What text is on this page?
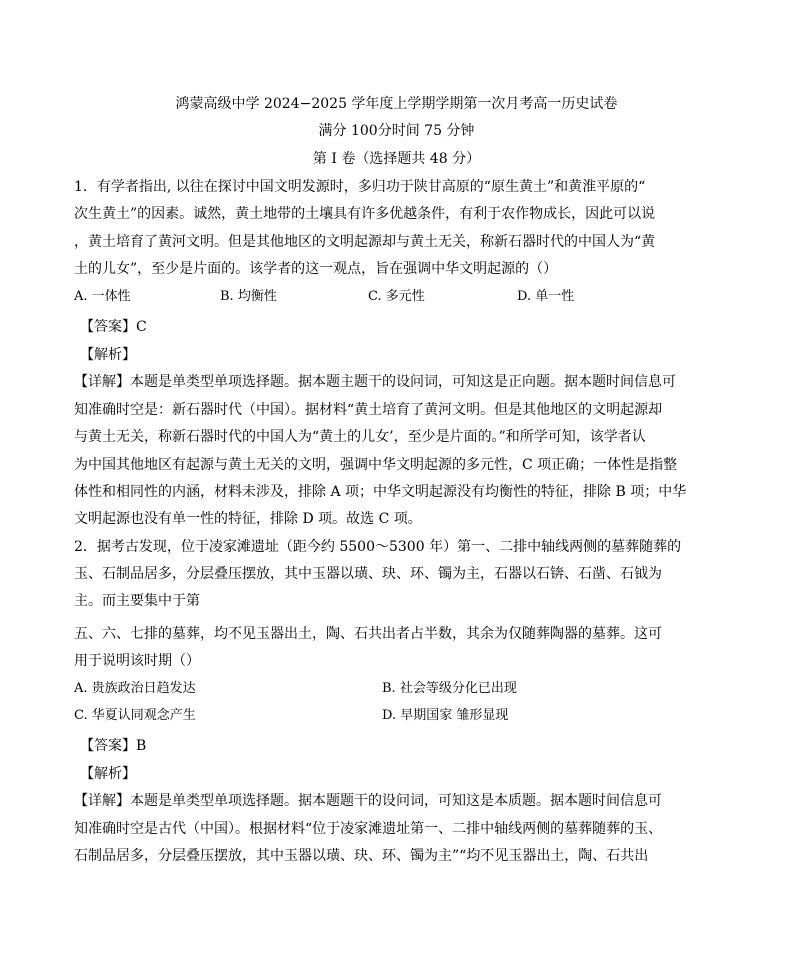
鸿蒙高级中学 2024−2025 学年度上学期学期第一次月考高一历史试卷
满分 100分时间 75 分钟
第 I 卷（选择题共 48 分）
1．有学者指出, 以往在探讨中国文明发源时，多归功于陕甘高原的“原生黄土”和黄淮平原的“
次生黄土”的因素。诚然，黄土地带的土壤具有许多优越条件，有利于农作物成长，因此可以说
，黄土培育了黄河文明。但是其他地区的文明起源却与黄土无关，称新石器时代的中国人为“黄
土的儿女”，至少是片面的。该学者的这一观点，旨在强调中华文明起源的（）
A. 一体性	B. 均衡性	C. 多元性	D. 单一性
【答案】C
【解析】
【详解】本题是单类型单项选择题。据本题主题干的设问词，可知这是正向题。据本题时间信息可
知准确时空是：新石器时代（中国）。据材料“黄土培育了黄河文明。但是其他地区的文明起源却
与黄土无关，称新石器时代的中国人为“黄土的儿女’，至少是片面的。”和所学可知，该学者认
为中国其他地区有起源与黄土无关的文明，强调中华文明起源的多元性，C 项正确；一体性是指整
体性和相同性的内涵，材料未涉及，排除 A 项；中华文明起源没有均衡性的特征，排除 B 项；中华
文明起源也没有单一性的特征，排除 D 项。故选 C 项。
2．据考古发现，位于凌家滩遗址（距今约 5500～5300 年）第一、二排中轴线两侧的墓葬随葬的
玉、石制品居多，分层叠压摆放，其中玉器以璜、玦、环、镯为主，石器以石锛、石凿、石钺为
主。而主要集中于第
五、六、七排的墓葬，均不见玉器出土，陶、石共出者占半数，其余为仅随葬陶器的墓葬。这可
用于说明该时期（）
A. 贵族政治日趋发达	B. 社会等级分化已出现
C. 华夏认同观念产生	D. 早期国家 雏形显现
【答案】B
【解析】
【详解】本题是单类型单项选择题。据本题题干的设问词，可知这是本质题。据本题时间信息可
知准确时空是古代（中国）。根据材料“位于凌家滩遗址第一、二排中轴线两侧的墓葬随葬的玉、
石制品居多，分层叠压摆放，其中玉器以璜、玦、环、镯为主”“均不见玉器出土，陶、石共出
